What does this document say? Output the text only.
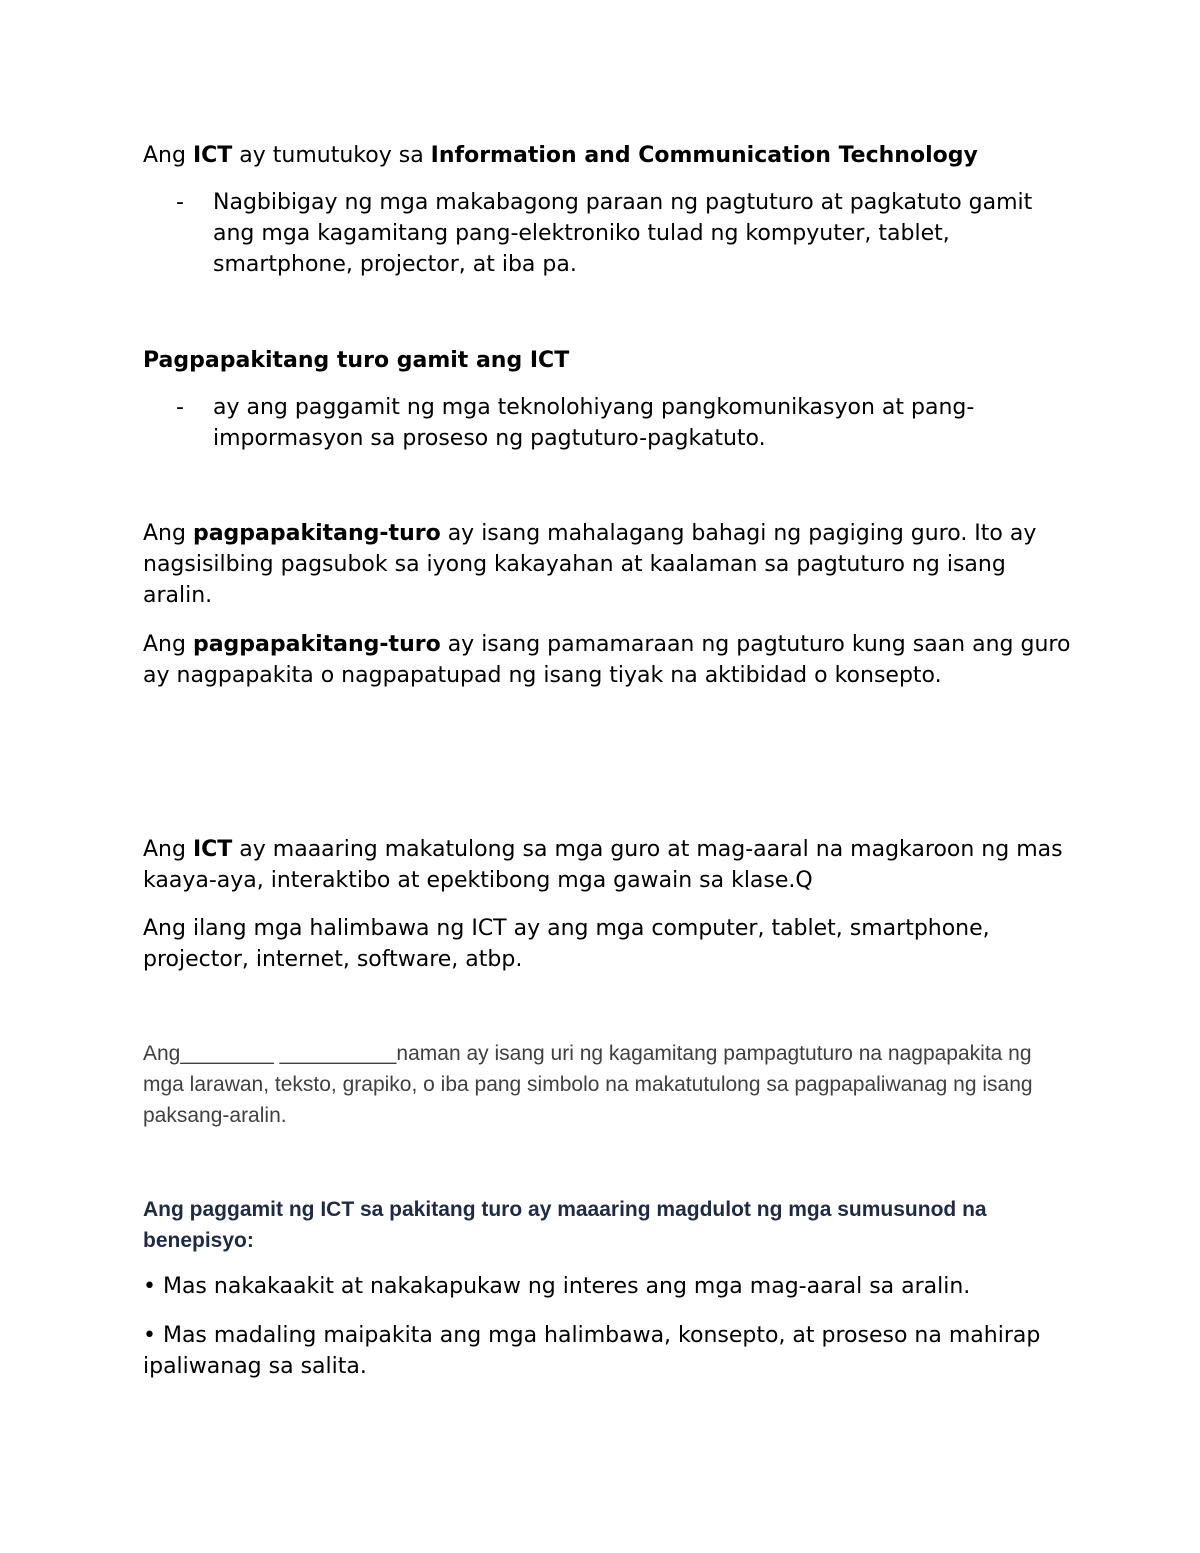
Ang ICT ay tumutukoy sa Information and Communication Technology

- Nagbibigay ng mga makabagong paraan ng pagtuturo at pagkatuto gamit ang mga kagamitang pang-elektroniko tulad ng kompyuter, tablet, smartphone, projector, at iba pa.

Pagpapakitang turo gamit ang ICT

- ay ang paggamit ng mga teknolohiyang pangkomunikasyon at pang-impormasyon sa proseso ng pagtuturo-pagkatuto.

Ang pagpapakitang-turo ay isang mahalagang bahagi ng pagiging guro. Ito ay nagsisilbing pagsubok sa iyong kakayahan at kaalaman sa pagtuturo ng isang aralin.

Ang pagpapakitang-turo ay isang pamamaraan ng pagtuturo kung saan ang guro ay nagpapakita o nagpapatupad ng isang tiyak na aktibidad o konsepto.

Ang ICT ay maaaring makatulong sa mga guro at mag-aaral na magkaroon ng mas kaaya-aya, interaktibo at epektibong mga gawain sa klase.Q

Ang ilang mga halimbawa ng ICT ay ang mga computer, tablet, smartphone, projector, internet, software, atbp.

Ang________ __________naman ay isang uri ng kagamitang pampagtuturo na nagpapakita ng mga larawan, teksto, grapiko, o iba pang simbolo na makatutulong sa pagpapaliwanag ng isang paksang-aralin.

Ang paggamit ng ICT sa pakitang turo ay maaaring magdulot ng mga sumusunod na benepisyo:

• Mas nakakaakit at nakakapukaw ng interes ang mga mag-aaral sa aralin.

• Mas madaling maipakita ang mga halimbawa, konsepto, at proseso na mahirap ipaliwanag sa salita.
